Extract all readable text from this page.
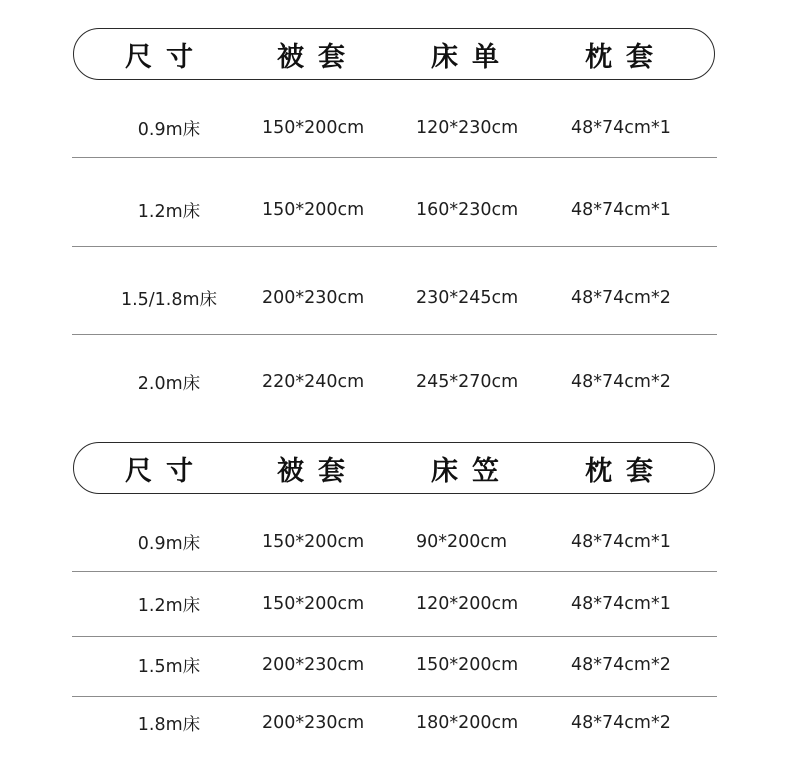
尺寸	被套	床单	枕套
0.9m床	150*200cm	120*230cm	48*74cm*1
1.2m床	150*200cm	160*230cm	48*74cm*1
1.5/1.8m床	200*230cm	230*245cm	48*74cm*2
2.0m床	220*240cm	245*270cm	48*74cm*2
尺寸	被套	床笠	枕套
0.9m床	150*200cm	90*200cm	48*74cm*1
1.2m床	150*200cm	120*200cm	48*74cm*1
1.5m床	200*230cm	150*200cm	48*74cm*2
1.8m床	200*230cm	180*200cm	48*74cm*2
